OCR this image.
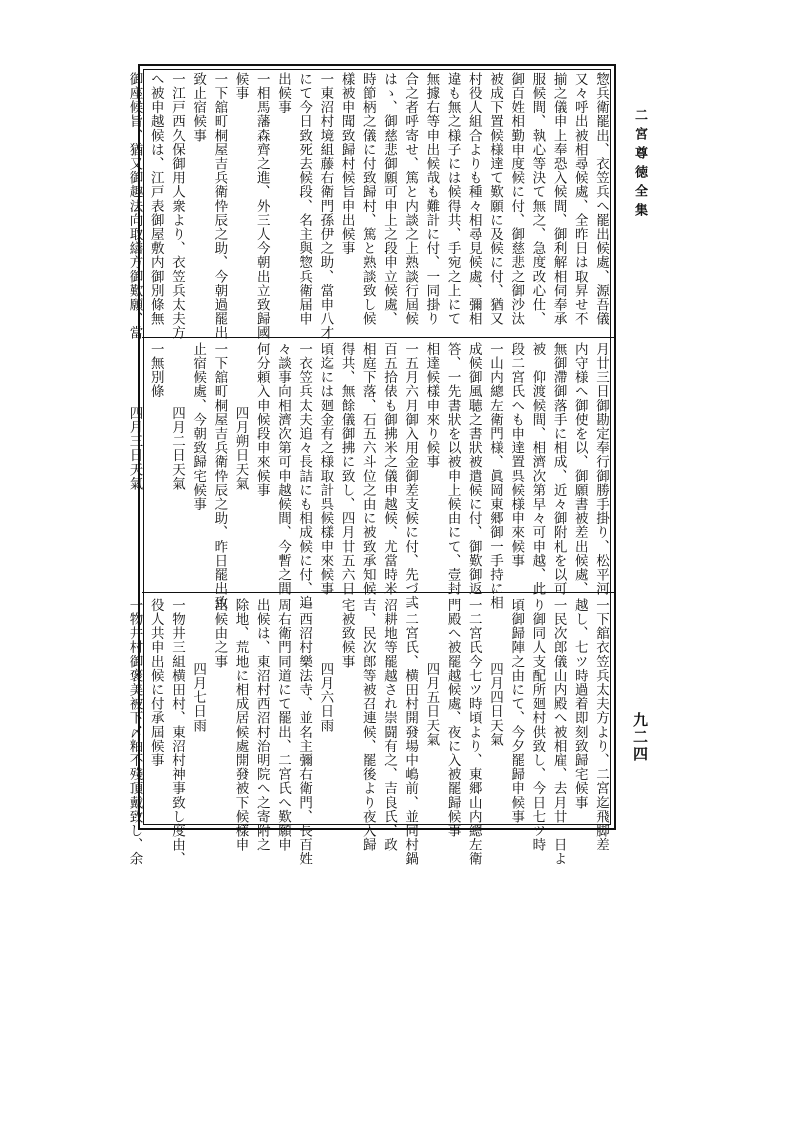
二宮尊徳全集
九二四
惣兵衛罷出、衣笠兵へ罷出候處、源吾儀
又々呼出被相尋候處、全昨日は取昇せ不
揃之儀申上奉恐入候間、御利解相伺奉承
服候間、執心等決て無之、急度改心仕、
御百姓相勤申度候に付、御慈悲之御沙汰
被成下置候様達て歎願に及候に付、猶又
村役人組合よりも種々相尋見候處、彌相
違も無之様子には候得共、手宛之上にて
無據右等申出候哉も難計に付、一同掛り
合之者呼寄せ、篤と内談之上熟談行屆候
はゝ、御慈悲御願可申上之段申立候處、
時節柄之儀に付致歸村、篤と熟談致し候
樣被申聞致歸村候旨申出候事
一東沼村境組藤右衛門孫伊之助、當申八才
にて今日致死去候段、名主與惣兵衛届申
出候事
一相馬藩森齊之進、外三人今朝出立致歸國
候事
一下舘町桐屋吉兵衛忰辰之助、今朝過罷出
致止宿候事
一江戸西久保御用人衆より、衣笠兵太夫方
へ被申越候は、江戸表御屋敷内御別條無
御座候旨、猶又御趣法向取繕方御歎願、當
月廿三日御勘定奉行御勝手掛り、松平河
内守様へ御使を以、御願書被差出候處、
無御滯御落手に相成、近々御附札を以可
被　仰渡候間、相濟次第早々可申越、此
段二宮氏へも申達置呉候様申來候事
一山内總左衛門様、眞岡東郷御一手持に相
成候御風聴之書狀被遣候に付、御歎御返
答、一先書狀を以被申上候由にて、壹封
相達候樣申來り候事
一五月六月御入用金御差支候に付、先づ弍
百五拾俵も御拂米之儀申越候、尤當時米
相庭下落、石五六斗位之由に被致承知候
得共、無餘儀御拂に致し、四月廿五六日
頃迄には廻金有之様取計呉候樣申來候事
一衣笠兵太夫追々長詰にも相成候に付、追
々談事向相濟次第可申越候間、今暫之間
何分頼入申候段申來候事
四月朔日天氣
一下舘町桐屋吉兵衛忰辰之助、昨日罷出致
止宿候處、今朝致歸宅候事
四月二日天氣
一無別條
四月三日天氣
一下舘衣笠兵太夫方より、二宮迄飛脚差
越し、七ツ時過着即刻致歸宅候事
一民次郎儀山内殿へ被相雇、去月廿一日よ
り御同人支配所廻村供致し、今日七ツ時
頃御歸陣之由にて、今夕罷歸申候事
四月四日天氣
一二宮氏今七ツ時頃より、東郷山内總左衛
門殿へ被罷越候處、夜に入被罷歸候事
四月五日天氣
一二宮氏、横田村開發場中嶋前、並同村鍋
沼耕地等罷越され崇闘有之、吉良氏、政
吉、民次郎等被召連候、罷後より夜入歸
宅被致候事
四月六日雨
一西沼村樂法寺、並名主彌右衛門、長百姓
周右衛門同道にて罷出、二宮氏へ歎願申
出候は、東沼村西沼村治明院へ之寄附之
除地、荒地に相成居候處開發被下候樣申
出候由之事
四月七日雨
一物井三組横田村、東沼村神事致し度由、
役人共申出候に付承屆候事
一物井村御褒美被下〆粕不殘頂戴致し、余
